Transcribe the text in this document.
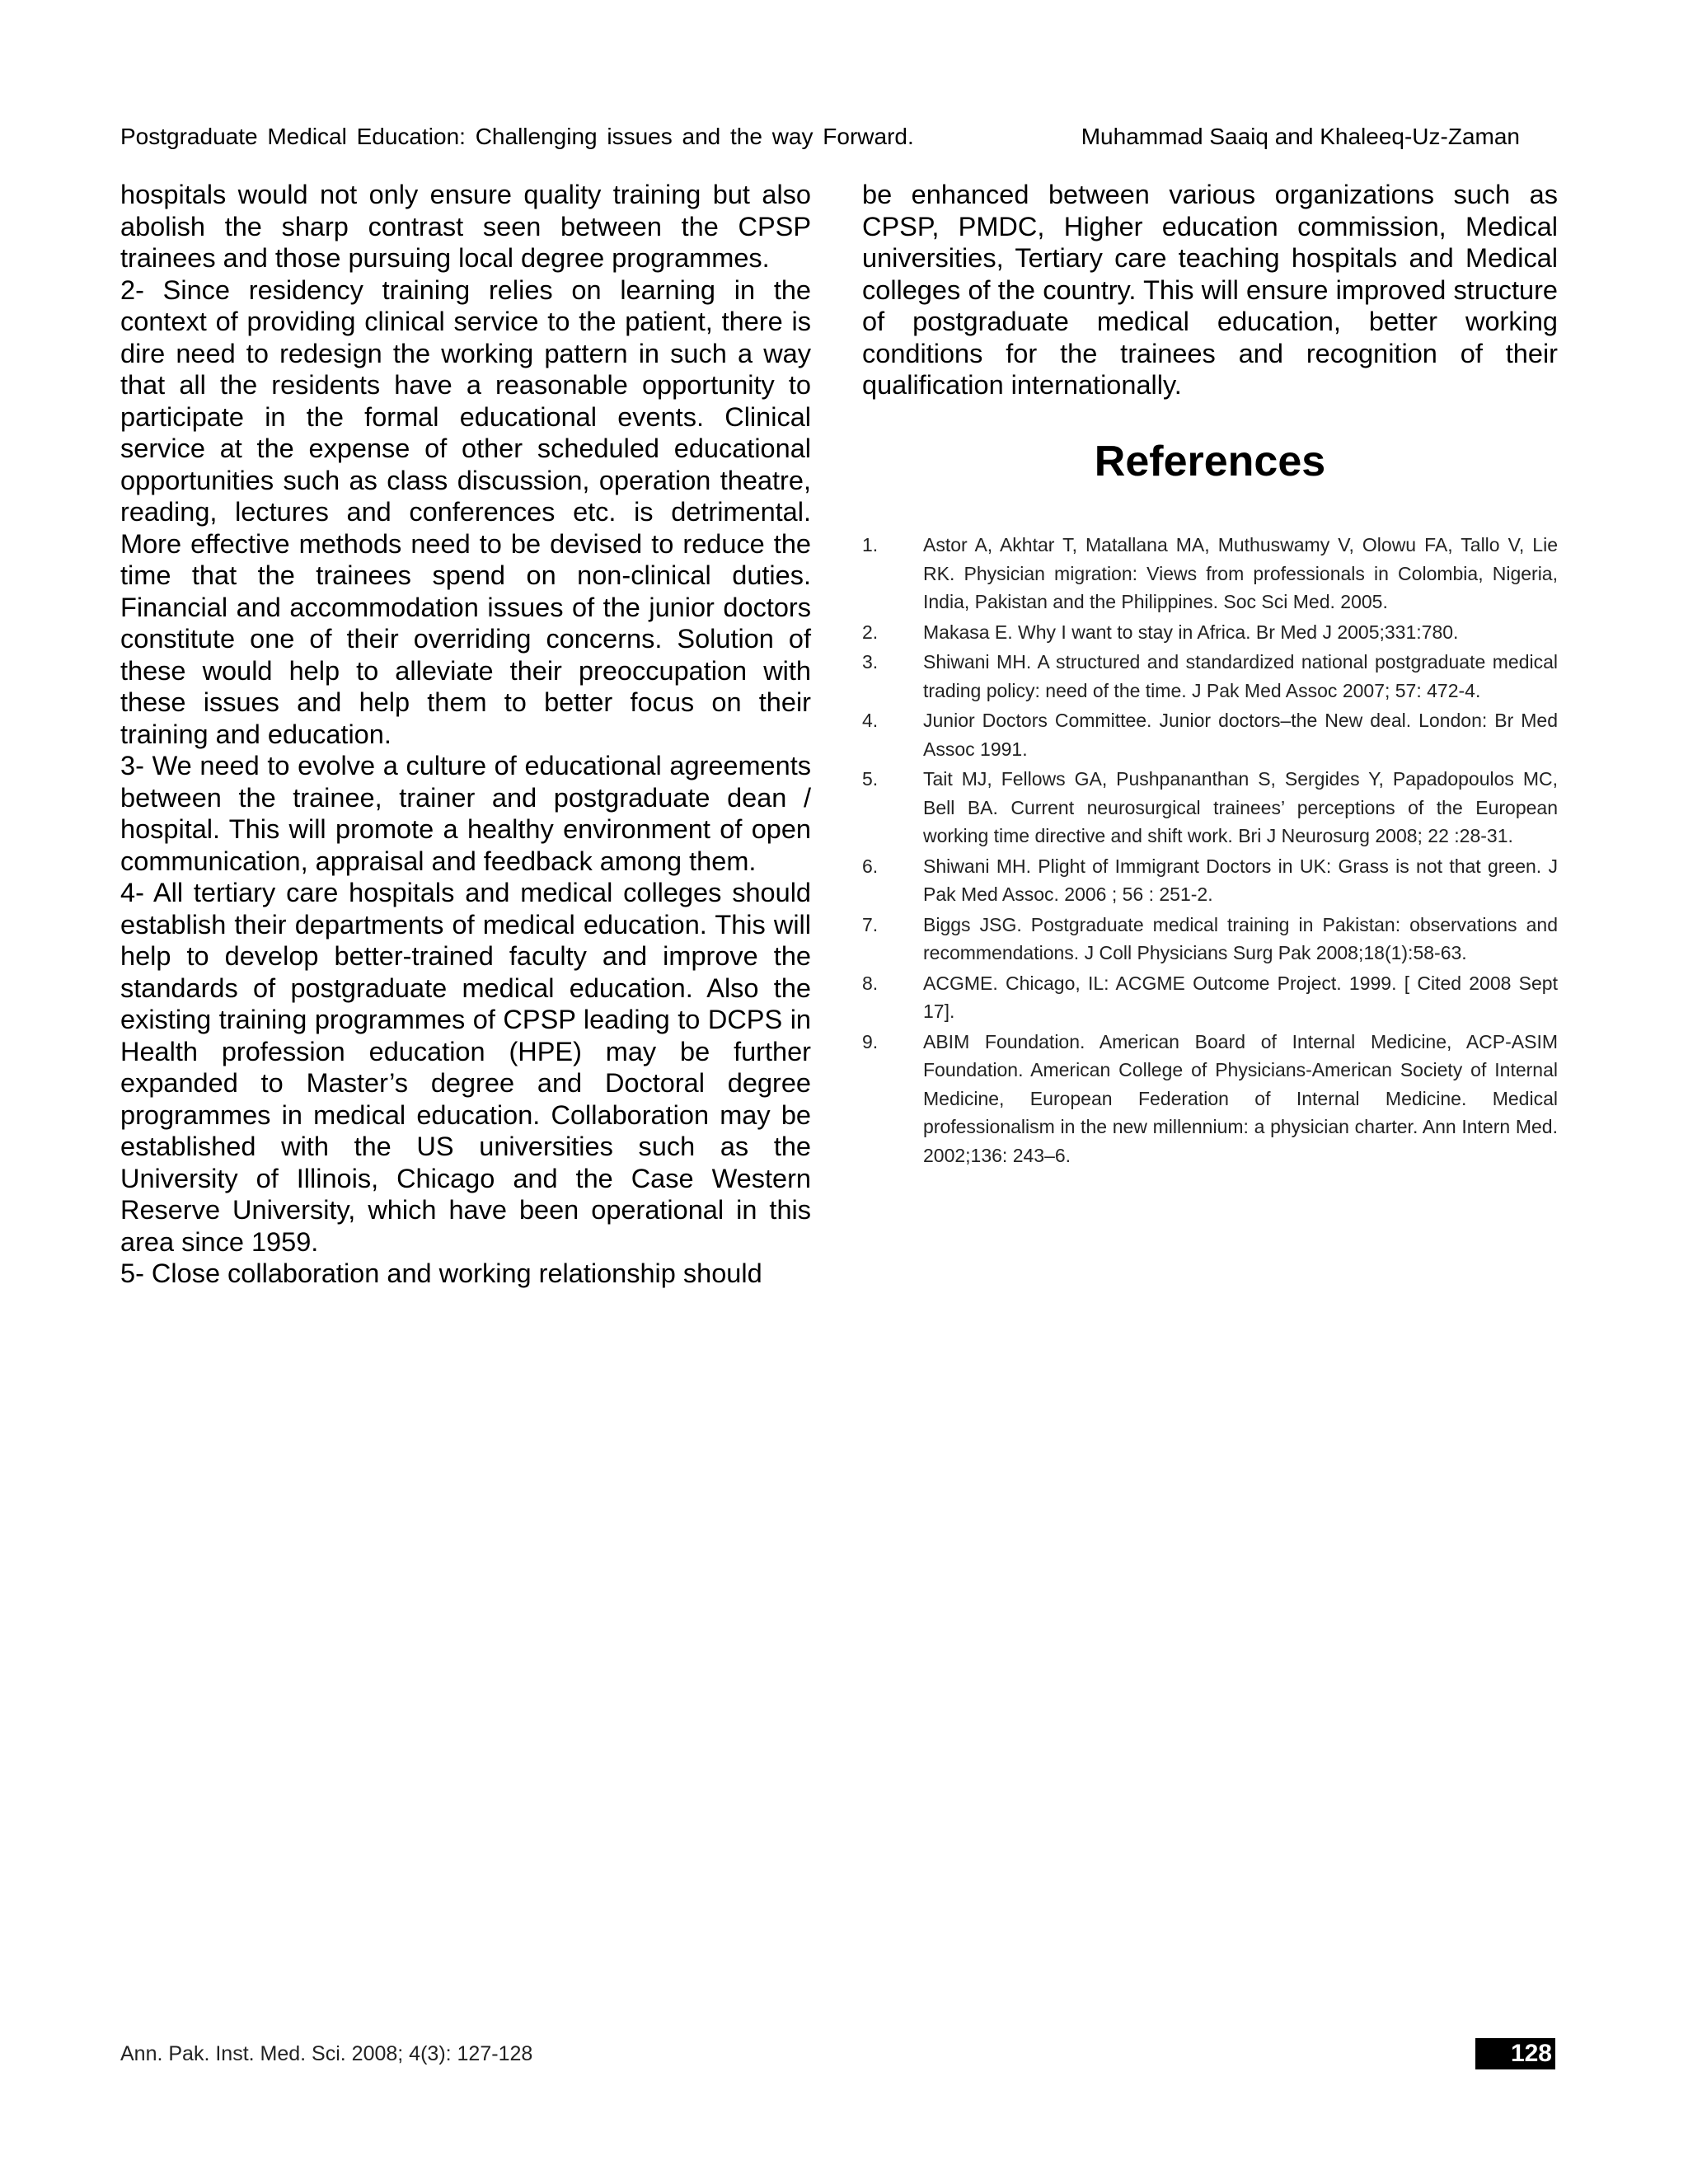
Postgraduate Medical Education: Challenging issues and the way Forward.	Muhammad Saaiq and Khaleeq-Uz-Zaman

hospitals would not only ensure quality training but also abolish the sharp contrast seen between the CPSP trainees and those pursuing local degree programmes.

2- Since residency training relies on learning in the context of providing clinical service to the patient, there is dire need to redesign the working pattern in such a way that all the residents have a reasonable opportunity to participate in the formal educational events. Clinical service at the expense of other scheduled educational opportunities such as class discussion, operation theatre, reading, lectures and conferences etc. is detrimental. More effective methods need to be devised to reduce the time that the trainees spend on non-clinical duties. Financial and accommodation issues of the junior doctors constitute one of their overriding concerns. Solution of these would help to alleviate their preoccupation with these issues and help them to better focus on their training and education.

3- We need to evolve a culture of educational agreements between the trainee, trainer and postgraduate dean / hospital. This will promote a healthy environment of open communication, appraisal and feedback among them.

4- All tertiary care hospitals and medical colleges should establish their departments of medical education. This will help to develop better-trained faculty and improve the standards of postgraduate medical education. Also the existing training programmes of CPSP leading to DCPS in Health profession education (HPE) may be further expanded to Master’s degree and Doctoral degree programmes in medical education. Collaboration may be established with the US universities such as the University of Illinois, Chicago and the Case Western Reserve University, which have been operational in this area since 1959.

5- Close collaboration and working relationship should

be enhanced between various organizations such as CPSP, PMDC, Higher education commission, Medical universities, Tertiary care teaching hospitals and Medical colleges of the country. This will ensure improved structure of postgraduate medical education, better working conditions for the trainees and recognition of their qualification internationally.

References
1.	Astor A, Akhtar T, Matallana MA, Muthuswamy V, Olowu FA, Tallo V, Lie RK. Physician migration: Views from professionals in Colombia, Nigeria, India, Pakistan and the Philippines. Soc Sci Med. 2005.
2.	Makasa E. Why I want to stay in Africa. Br Med J 2005;331:780.
3.	Shiwani MH. A structured and standardized national postgraduate medical trading policy: need of the time. J Pak Med Assoc 2007; 57: 472-4.
4.	Junior Doctors Committee. Junior doctors–the New deal. London: Br Med Assoc 1991.
5.	Tait MJ, Fellows GA, Pushpananthan S, Sergides Y, Papadopoulos MC, Bell BA. Current neurosurgical trainees’ perceptions of the European working time directive and shift work. Bri J Neurosurg 2008; 22 :28-31.
6.	Shiwani MH. Plight of Immigrant Doctors in UK: Grass is not that green. J Pak Med Assoc. 2006 ; 56 : 251-2.
7.	Biggs JSG. Postgraduate medical training in Pakistan: observations and recommendations. J Coll Physicians Surg Pak 2008;18(1):58-63.
8.	ACGME. Chicago, IL: ACGME Outcome Project. 1999. [ Cited 2008 Sept 17].
9.	ABIM Foundation. American Board of Internal Medicine, ACP-ASIM Foundation. American College of Physicians-American Society of Internal Medicine, European Federation of Internal Medicine. Medical professionalism in the new millennium: a physician charter. Ann Intern Med. 2002;136: 243–6.
Ann. Pak. Inst. Med. Sci. 2008; 4(3): 127-128	128
